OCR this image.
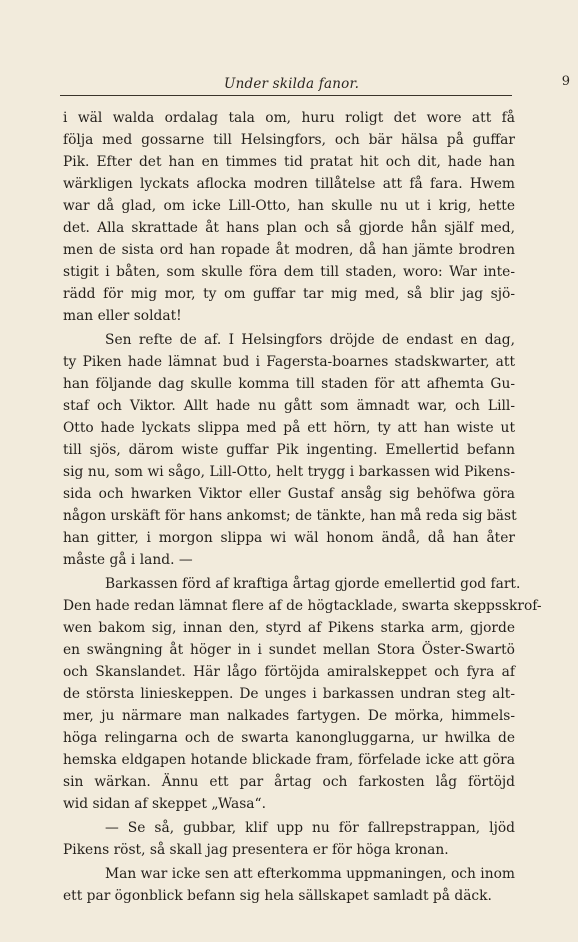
Under skilda fanor.	9
i wäl walda ordalag tala om, huru roligt det wore att få
följa med gossarne till Helsingfors, och bär hälsa på guffar
Pik. Efter det han en timmes tid pratat hit och dit, hade han
wärkligen lyckats aflocka modren tillåtelse att få fara. Hwem
war då glad, om icke Lill-Otto, han skulle nu ut i krig, hette
det. Alla skrattade åt hans plan och så gjorde hån själf med,
men de sista ord han ropade åt modren, då han jämte brodren
stigit i båten, som skulle föra dem till staden, woro: War inte-
rädd för mig mor, ty om guffar tar mig med, så blir jag sjö-
man eller soldat!
Sen refte de af. I Helsingfors dröjde de endast en dag,
ty Piken hade lämnat bud i Fagersta-boarnes stadskwarter, att
han följande dag skulle komma till staden för att afhemta Gu-
staf och Viktor. Allt hade nu gått som ämnadt war, och Lill-
Otto hade lyckats slippa med på ett hörn, ty att han wiste ut
till sjös, därom wiste guffar Pik ingenting. Emellertid befann
sig nu, som wi sågo, Lill-Otto, helt trygg i barkassen wid Pikens-
sida och hwarken Viktor eller Gustaf ansåg sig behöfwa göra
någon urskäft för hans ankomst; de tänkte, han må reda sig bäst
han gitter, i morgon slippa wi wäl honom ändå, då han åter
måste gå i land. —
Barkassen förd af kraftiga årtag gjorde emellertid god fart.
Den hade redan lämnat flere af de högtacklade, swarta skeppsskrof-
wen bakom sig, innan den, styrd af Pikens starka arm, gjorde
en swängning åt höger in i sundet mellan Stora Öster-Swartö
och Skanslandet. Här lågo förtöjda amiralskeppet och fyra af
de största linieskeppen. De unges i barkassen undran steg alt-
mer, ju närmare man nalkades fartygen. De mörka, himmels-
höga relingarna och de swarta kanongluggarna, ur hwilka de
hemska eldgapen hotande blickade fram, förfelade icke att göra
sin wärkan. Ännu ett par årtag och farkosten låg förtöjd
wid sidan af skeppet „Wasa“.
— Se så, gubbar, klif upp nu för fallrepstrappan, ljöd
Pikens röst, så skall jag presentera er för höga kronan.
Man war icke sen att efterkomma uppmaningen, och inom
ett par ögonblick befann sig hela sällskapet samladt på däck.
